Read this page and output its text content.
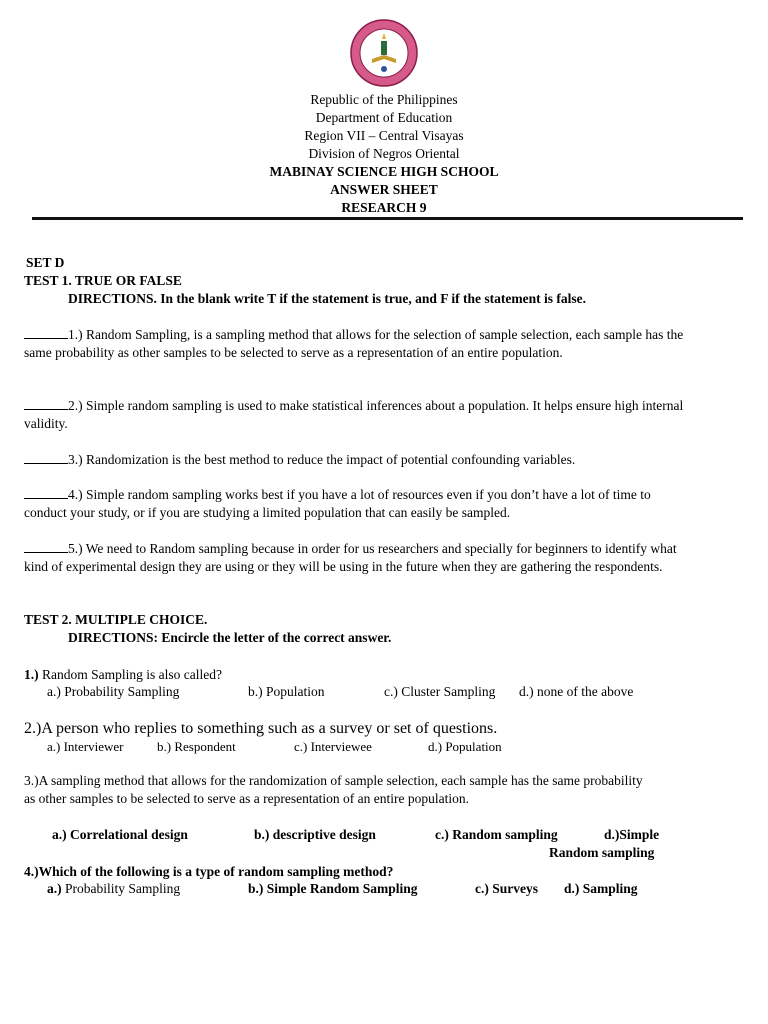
Republic of the Philippines
Department of Education
Region VII – Central Visayas
Division of Negros Oriental
MABINAY SCIENCE HIGH SCHOOL
ANSWER SHEET
RESEARCH 9
SET D
TEST 1. TRUE OR FALSE
DIRECTIONS. In the blank write T if the statement is true, and F if the statement is false.
1.) Random Sampling, is a sampling method that allows for the selection of sample selection, each sample has the same probability as other samples to be selected to serve as a representation of an entire population.
2.) Simple random sampling is used to make statistical inferences about a population. It helps ensure high internal validity.
3.) Randomization is the best method to reduce the impact of potential confounding variables.
4.) Simple random sampling works best if you have a lot of resources even if you don’t have a lot of time to conduct your study, or if you are studying a limited population that can easily be sampled.
5.) We need to Random sampling because in order for us researchers and specially for beginners to identify what kind of experimental design they are using or they will be using in the future when they are gathering the respondents.
TEST 2. MULTIPLE CHOICE.
DIRECTIONS: Encircle the letter of the correct answer.
1.) Random Sampling is also called?
a.) Probability Sampling	b.) Population	c.) Cluster Sampling d.) none of the above
2.)A person who replies to something such as a survey or set of questions.
a.) Interviewer	b.) Respondent	c.) Interviewee	d.) Population
3.)A sampling method that allows for the randomization of sample selection, each sample has the same probability as other samples to be selected to serve as a representation of an entire population.
a.) Correlational design	b.) descriptive design	c.) Random sampling	d.)Simple
Random sampling
4.)Which of the following is a type of random sampling method?
a.) Probability Sampling	b.) Simple Random Sampling	c.) Surveys d.) Sampling
